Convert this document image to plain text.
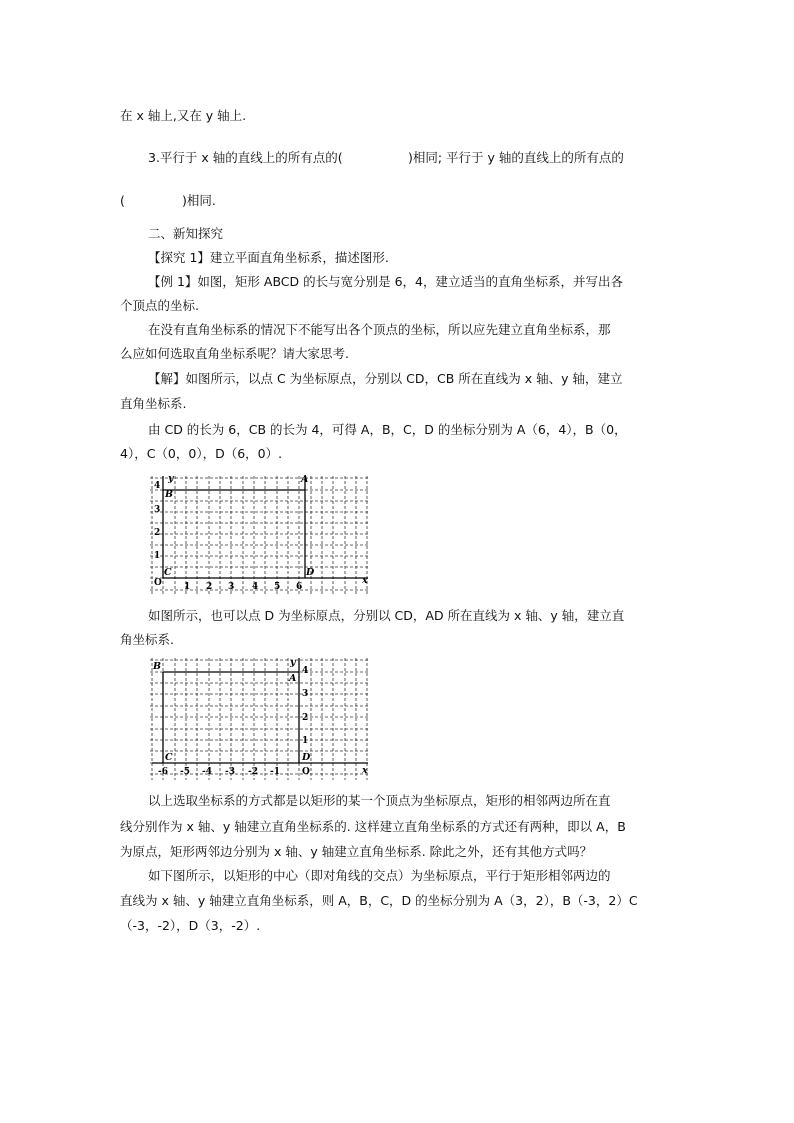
在 x 轴上,又在 y 轴上.
3.平行于 x 轴的直线上的所有点的(	)相同; 平行于 y 轴的直线上的所有点的
(	)相同.
二、新知探究
【探究 1】建立平面直角坐标系，描述图形.
【例 1】如图，矩形 ABCD 的长与宽分别是 6，4，建立适当的直角坐标系，并写出各
个顶点的坐标.
在没有直角坐标系的情况下不能写出各个顶点的坐标，所以应先建立直角坐标系，那
么应如何选取直角坐标系呢？请大家思考.
【解】如图所示，以点 C 为坐标原点，分别以 CD，CB 所在直线为 x 轴、y 轴，建立
直角坐标系.
由 CD 的长为 6，CB 的长为 4，可得 A，B，C，D 的坐标分别为 A（6，4），B（0，
4），C（0，0），D（6，0）.
y
x
O
4
3
2
1
1 2 3 4 5 6
B
A
C	D
如图所示，也可以点 D 为坐标原点，分别以 CD，AD 所在直线为 x 轴、y 轴，建立直
角坐标系.
y
x
O
4
3
2
1
-6 -5 -4 -3 -2 -1
B
A
C	D
以上选取坐标系的方式都是以矩形的某一个顶点为坐标原点，矩形的相邻两边所在直
线分别作为 x 轴、y 轴建立直角坐标系的. 这样建立直角坐标系的方式还有两种，即以 A，B
为原点，矩形两邻边分别为 x 轴、y 轴建立直角坐标系. 除此之外，还有其他方式吗？
如下图所示，以矩形的中心（即对角线的交点）为坐标原点，平行于矩形相邻两边的
直线为 x 轴、y 轴建立直角坐标系，则 A，B，C，D 的坐标分别为 A（3，2），B（-3，2）C
（-3，-2），D（3，-2）.
